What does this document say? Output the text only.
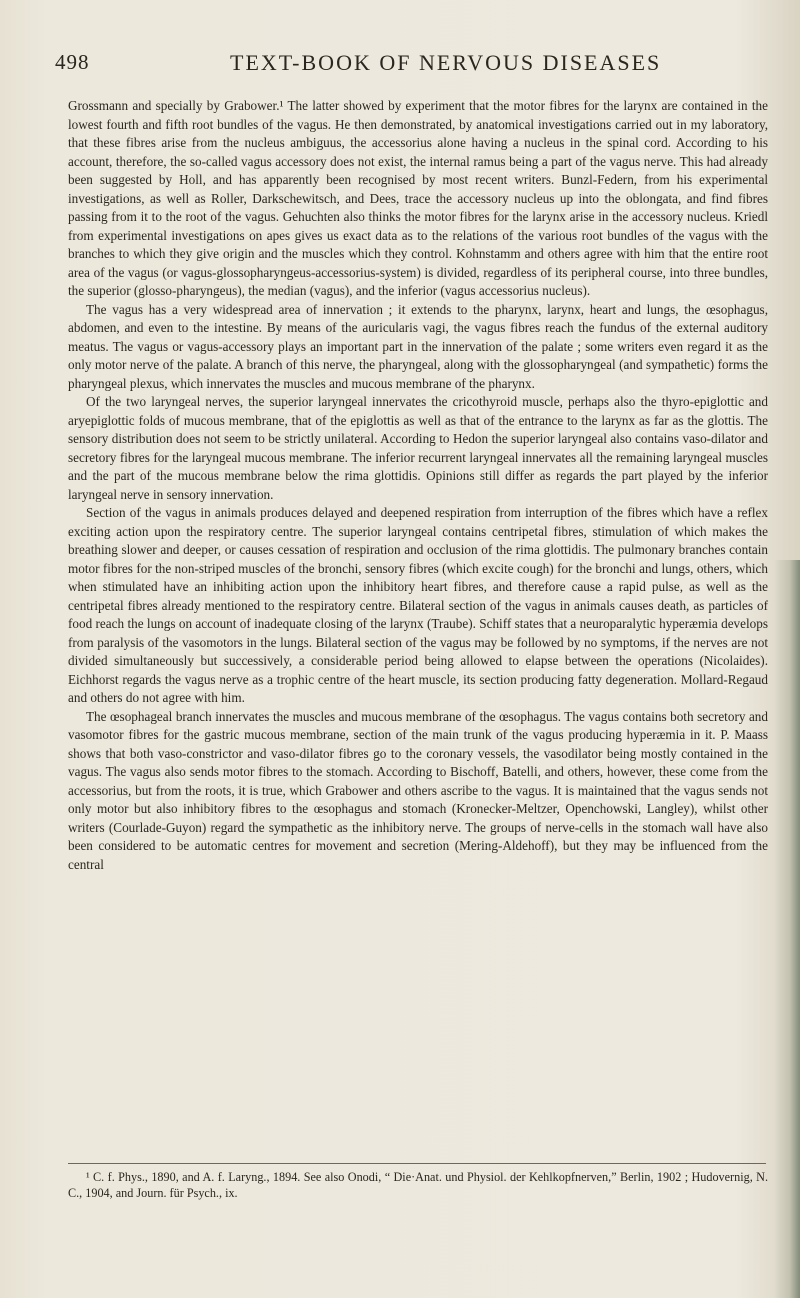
498	TEXT-BOOK OF NERVOUS DISEASES

Grossmann and specially by Grabower.¹ The latter showed by experiment that the motor fibres for the larynx are contained in the lowest fourth and fifth root bundles of the vagus. He then demonstrated, by anatomical investigations carried out in my laboratory, that these fibres arise from the nucleus ambiguus, the accessorius alone having a nucleus in the spinal cord. According to his account, therefore, the so-called vagus accessory does not exist, the internal ramus being a part of the vagus nerve. This had already been suggested by Holl, and has apparently been recognised by most recent writers. Bunzl-Federn, from his experimental investigations, as well as Roller, Darkschewitsch, and Dees, trace the accessory nucleus up into the oblongata, and find fibres passing from it to the root of the vagus. Gehuchten also thinks the motor fibres for the larynx arise in the accessory nucleus. Kriedl from experimental investigations on apes gives us exact data as to the relations of the various root bundles of the vagus with the branches to which they give origin and the muscles which they control. Kohnstamm and others agree with him that the entire root area of the vagus (or vagus-glossopharyngeus-accessorius-system) is divided, regardless of its peripheral course, into three bundles, the superior (glosso-pharyngeus), the median (vagus), and the inferior (vagus accessorius nucleus).

The vagus has a very widespread area of innervation ; it extends to the pharynx, larynx, heart and lungs, the œsophagus, abdomen, and even to the intestine. By means of the auricularis vagi, the vagus fibres reach the fundus of the external auditory meatus. The vagus or vagus-accessory plays an important part in the innervation of the palate ; some writers even regard it as the only motor nerve of the palate. A branch of this nerve, the pharyngeal, along with the glossopharyngeal (and sympathetic) forms the pharyngeal plexus, which innervates the muscles and mucous membrane of the pharynx.

Of the two laryngeal nerves, the superior laryngeal innervates the cricothyroid muscle, perhaps also the thyro-epiglottic and aryepiglottic folds of mucous membrane, that of the epiglottis as well as that of the entrance to the larynx as far as the glottis. The sensory distribution does not seem to be strictly unilateral. According to Hedon the superior laryngeal also contains vaso-dilator and secretory fibres for the laryngeal mucous membrane. The inferior recurrent laryngeal innervates all the remaining laryngeal muscles and the part of the mucous membrane below the rima glottidis. Opinions still differ as regards the part played by the inferior laryngeal nerve in sensory innervation.

Section of the vagus in animals produces delayed and deepened respiration from interruption of the fibres which have a reflex exciting action upon the respiratory centre. The superior laryngeal contains centripetal fibres, stimulation of which makes the breathing slower and deeper, or causes cessation of respiration and occlusion of the rima glottidis. The pulmonary branches contain motor fibres for the non-striped muscles of the bronchi, sensory fibres (which excite cough) for the bronchi and lungs, others, which when stimulated have an inhibiting action upon the inhibitory heart fibres, and therefore cause a rapid pulse, as well as the centripetal fibres already mentioned to the respiratory centre. Bilateral section of the vagus in animals causes death, as particles of food reach the lungs on account of inadequate closing of the larynx (Traube). Schiff states that a neuroparalytic hyperæmia develops from paralysis of the vasomotors in the lungs. Bilateral section of the vagus may be followed by no symptoms, if the nerves are not divided simultaneously but successively, a considerable period being allowed to elapse between the operations (Nicolaides). Eichhorst regards the vagus nerve as a trophic centre of the heart muscle, its section producing fatty degeneration. Mollard-Regaud and others do not agree with him.

The œsophageal branch innervates the muscles and mucous membrane of the œsophagus. The vagus contains both secretory and vasomotor fibres for the gastric mucous membrane, section of the main trunk of the vagus producing hyperæmia in it. P. Maass shows that both vaso-constrictor and vaso-dilator fibres go to the coronary vessels, the vasodilator being mostly contained in the vagus. The vagus also sends motor fibres to the stomach. According to Bischoff, Batelli, and others, however, these come from the accessorius, but from the roots, it is true, which Grabower and others ascribe to the vagus. It is maintained that the vagus sends not only motor but also inhibitory fibres to the œsophagus and stomach (Kronecker-Meltzer, Openchowski, Langley), whilst other writers (Courlade-Guyon) regard the sympathetic as the inhibitory nerve. The groups of nerve-cells in the stomach wall have also been considered to be automatic centres for movement and secretion (Mering-Aldehoff), but they may be influenced from the central

¹ C. f. Phys., 1890, and A. f. Laryng., 1894. See also Onodi, “ Die·Anat. und Physiol. der Kehlkopfnerven,” Berlin, 1902 ; Hudovernig, N. C., 1904, and Journ. für Psych., ix.
